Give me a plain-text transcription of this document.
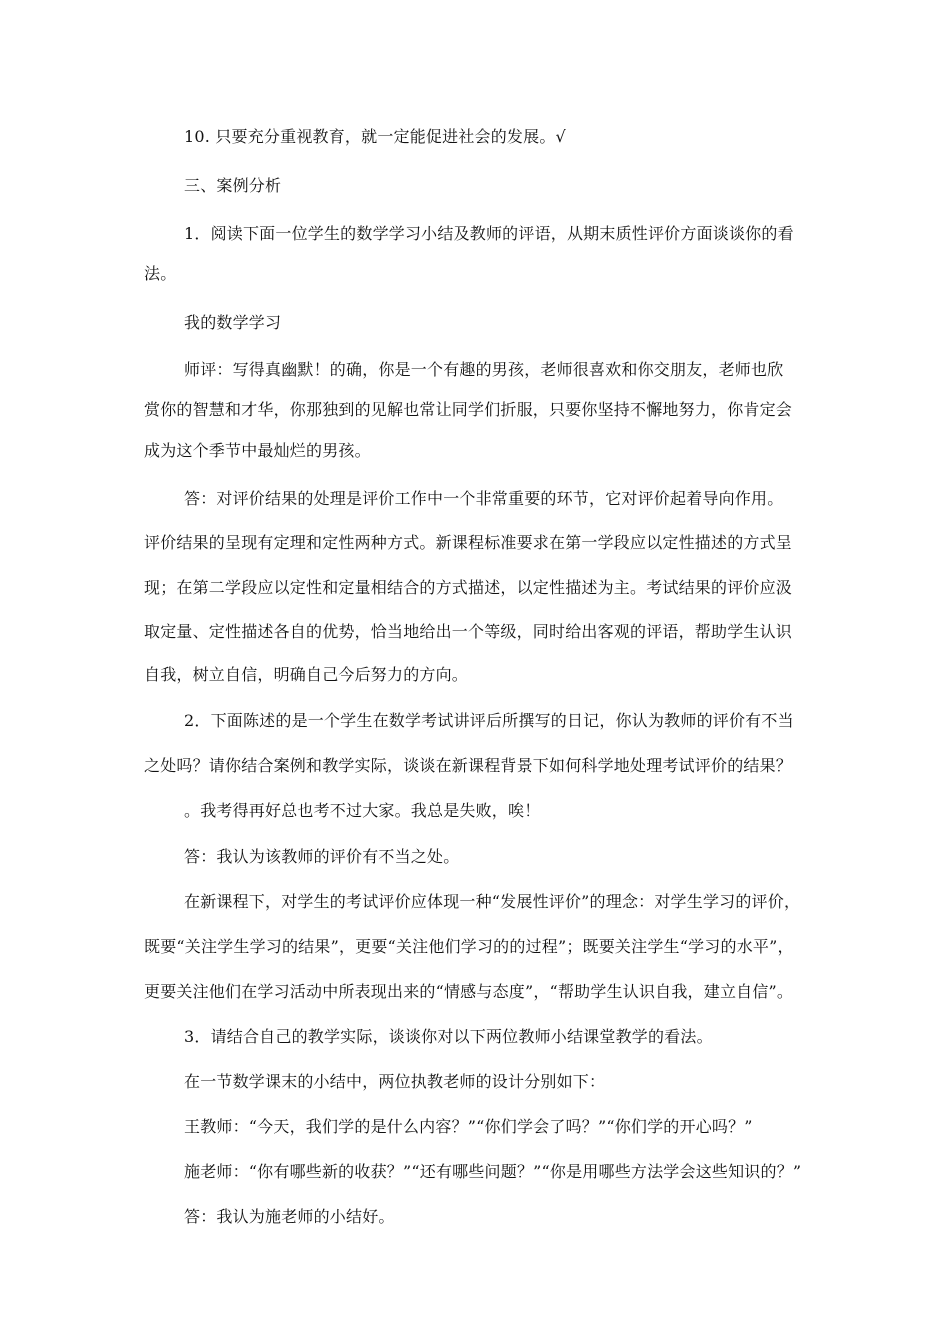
10. 只要充分重视教育，就一定能促进社会的发展。√
三、案例分析
1．阅读下面一位学生的数学学习小结及教师的评语，从期末质性评价方面谈谈你的看
法。
我的数学学习
师评：写得真幽默！的确，你是一个有趣的男孩，老师很喜欢和你交朋友，老师也欣
赏你的智慧和才华，你那独到的见解也常让同学们折服，只要你坚持不懈地努力，你肯定会
成为这个季节中最灿烂的男孩。
答：对评价结果的处理是评价工作中一个非常重要的环节，它对评价起着导向作用。
评价结果的呈现有定理和定性两种方式。新课程标准要求在第一学段应以定性描述的方式呈
现；在第二学段应以定性和定量相结合的方式描述，以定性描述为主。考试结果的评价应汲
取定量、定性描述各自的优势，恰当地给出一个等级，同时给出客观的评语，帮助学生认识
自我，树立自信，明确自己今后努力的方向。
2．下面陈述的是一个学生在数学考试讲评后所撰写的日记，你认为教师的评价有不当
之处吗？请你结合案例和教学实际，谈谈在新课程背景下如何科学地处理考试评价的结果？
。我考得再好总也考不过大家。我总是失败，唉！
答：我认为该教师的评价有不当之处。
在新课程下，对学生的考试评价应体现一种“发展性评价”的理念：对学生学习的评价，
既要“关注学生学习的结果”，更要“关注他们学习的的过程”；既要关注学生“学习的水平”，
更要关注他们在学习活动中所表现出来的“情感与态度”，“帮助学生认识自我，建立自信”。
3．请结合自己的教学实际，谈谈你对以下两位教师小结课堂教学的看法。
在一节数学课末的小结中，两位执教老师的设计分别如下：
王教师：“今天，我们学的是什么内容？”“你们学会了吗？”“你们学的开心吗？”
施老师：“你有哪些新的收获？”“还有哪些问题？”“你是用哪些方法学会这些知识的？”
答：我认为施老师的小结好。
